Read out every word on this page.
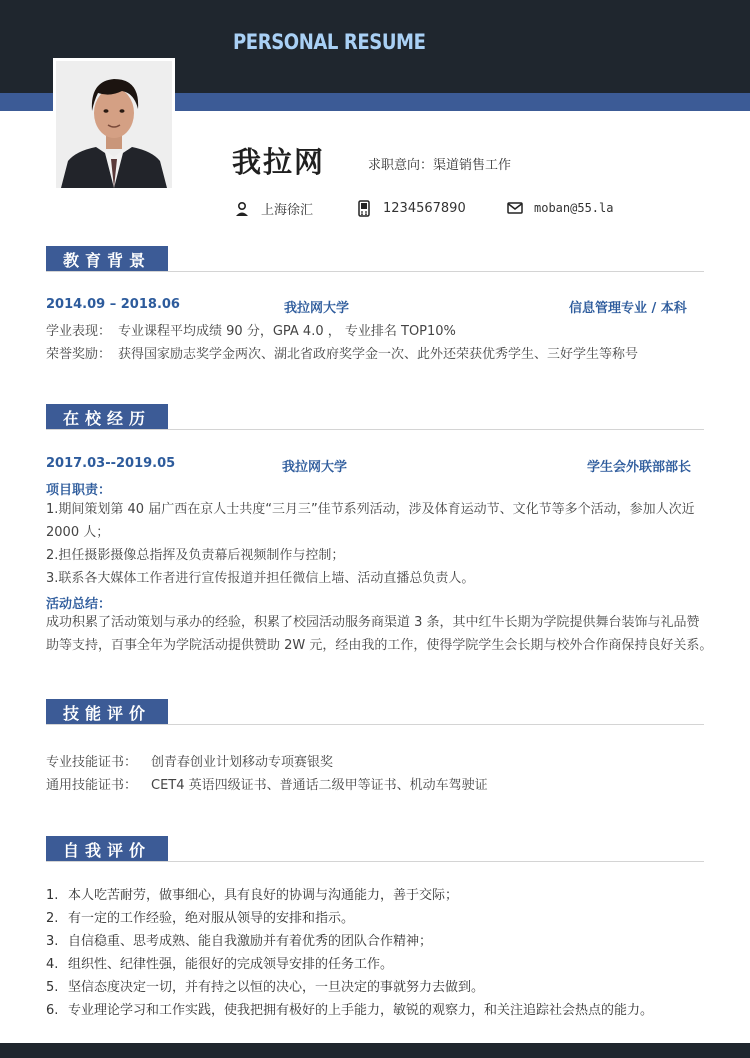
PERSONAL RESUME
我拉网	求职意向：渠道销售工作
上海徐汇	1234567890	moban@55.la
教育背景
2014.09 – 2018.06	我拉网大学	信息管理专业 / 本科
学业表现： 专业课程平均成绩 90 分，GPA 4.0 ， 专业排名 TOP10%
荣誉奖励： 获得国家励志奖学金两次、湖北省政府奖学金一次、此外还荣获优秀学生、三好学生等称号
在校经历
2017.03--2019.05	我拉网大学	学生会外联部部长
项目职责：
1.期间策划第 40 届广西在京人士共度“三月三”佳节系列活动，涉及体育运动节、文化节等多个活动，参加人次近
2000 人；
2.担任摄影摄像总指挥及负责幕后视频制作与控制；
3.联系各大媒体工作者进行宣传报道并担任微信上墙、活动直播总负责人。
活动总结：
成功积累了活动策划与承办的经验，积累了校园活动服务商渠道 3 条，其中红牛长期为学院提供舞台装饰与礼品赞
助等支持，百事全年为学院活动提供赞助 2W 元，经由我的工作，使得学院学生会长期与校外合作商保持良好关系。
技能评价
专业技能证书： 创青春创业计划移动专项赛银奖
通用技能证书： CET4 英语四级证书、普通话二级甲等证书、机动车驾驶证
自我评价
1. 本人吃苦耐劳，做事细心，具有良好的协调与沟通能力，善于交际；
2. 有一定的工作经验，绝对服从领导的安排和指示。
3. 自信稳重、思考成熟、能自我激励并有着优秀的团队合作精神；
4. 组织性、纪律性强，能很好的完成领导安排的任务工作。
5. 坚信态度决定一切，并有持之以恒的决心，一旦决定的事就努力去做到。
6. 专业理论学习和工作实践，使我把拥有极好的上手能力，敏锐的观察力，和关注追踪社会热点的能力。
